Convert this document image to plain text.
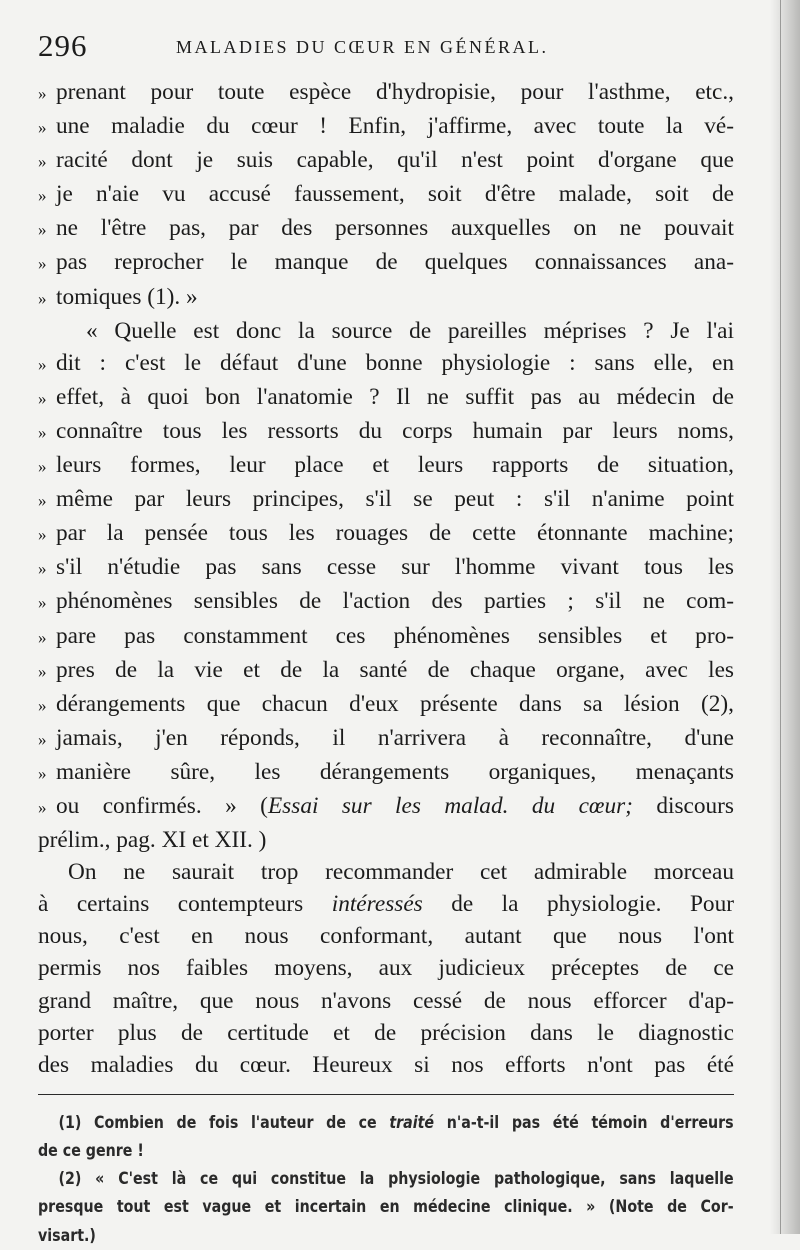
296	MALADIES DU CŒUR EN GÉNÉRAL.
» prenant pour toute espèce d'hydropisie, pour l'asthme, etc.,
» une maladie du cœur ! Enfin, j'affirme, avec toute la vé-
» racité dont je suis capable, qu'il n'est point d'organe que
» je n'aie vu accusé faussement, soit d'être malade, soit de
» ne l'être pas, par des personnes auxquelles on ne pouvait
» pas reprocher le manque de quelques connaissances ana-
» tomiques (1). »
« Quelle est donc la source de pareilles méprises ? Je l'ai
» dit : c'est le défaut d'une bonne physiologie : sans elle, en
» effet, à quoi bon l'anatomie ? Il ne suffit pas au médecin de
» connaître tous les ressorts du corps humain par leurs noms,
» leurs formes, leur place et leurs rapports de situation,
» même par leurs principes, s'il se peut : s'il n'anime point
» par la pensée tous les rouages de cette étonnante machine;
» s'il n'étudie pas sans cesse sur l'homme vivant tous les
» phénomènes sensibles de l'action des parties ; s'il ne com-
» pare pas constamment ces phénomènes sensibles et pro-
» pres de la vie et de la santé de chaque organe, avec les
» dérangements que chacun d'eux présente dans sa lésion (2),
» jamais, j'en réponds, il n'arrivera à reconnaître, d'une
» manière sûre, les dérangements organiques, menaçants
» ou confirmés. » (Essai sur les malad. du cœur; discours
prélim., pag. XI et XII. )
On ne saurait trop recommander cet admirable morceau
à certains contempteurs intéressés de la physiologie. Pour
nous, c'est en nous conformant, autant que nous l'ont
permis nos faibles moyens, aux judicieux préceptes de ce
grand maître, que nous n'avons cessé de nous efforcer d'ap-
porter plus de certitude et de précision dans le diagnostic
des maladies du cœur. Heureux si nos efforts n'ont pas été
(1) Combien de fois l'auteur de ce traité n'a-t-il pas été témoin d'erreurs
de ce genre !
(2) « C'est là ce qui constitue la physiologie pathologique, sans laquelle
presque tout est vague et incertain en médecine clinique. » (Note de Cor-
visart.)
